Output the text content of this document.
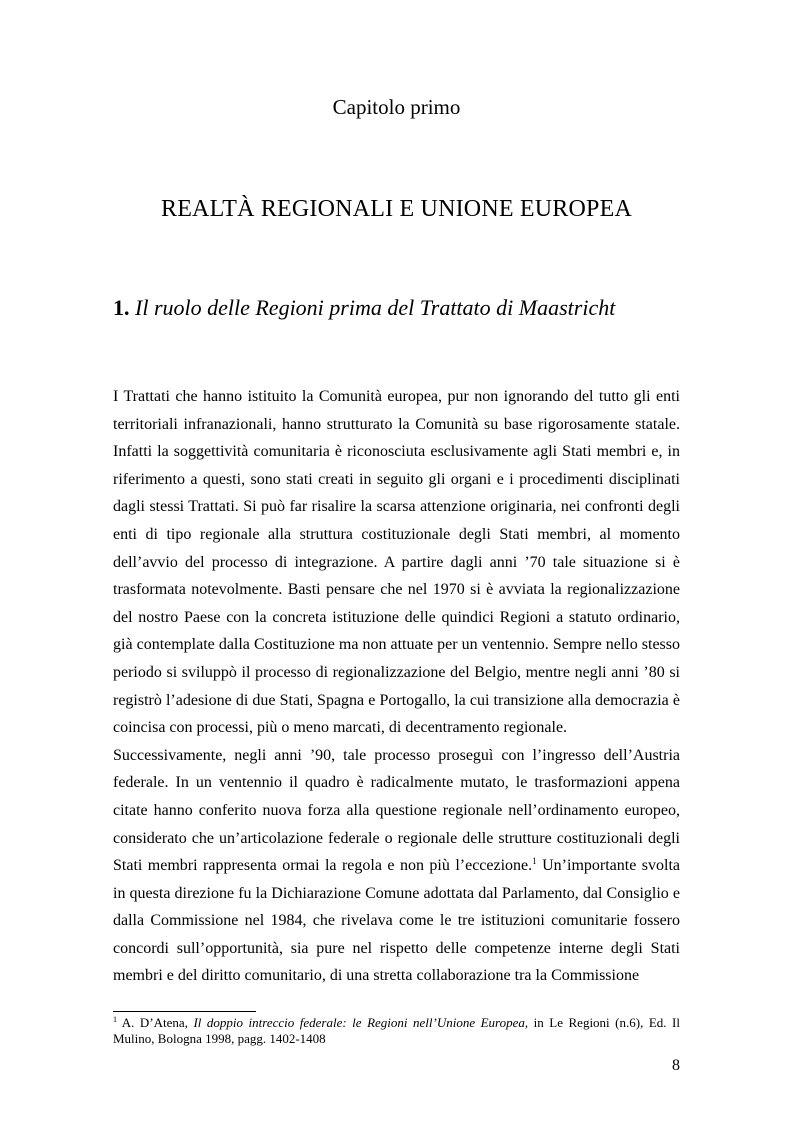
Capitolo primo
REALTÀ REGIONALI E UNIONE EUROPEA
1. Il ruolo delle Regioni prima del Trattato di Maastricht

I Trattati che hanno istituito la Comunità europea, pur non ignorando del tutto gli enti territoriali infranazionali, hanno strutturato la Comunità su base rigorosamente statale. Infatti la soggettività comunitaria è riconosciuta esclusivamente agli Stati membri e, in riferimento a questi, sono stati creati in seguito gli organi e i procedimenti disciplinati dagli stessi Trattati. Si può far risalire la scarsa attenzione originaria, nei confronti degli enti di tipo regionale alla struttura costituzionale degli Stati membri, al momento dell’avvio del processo di integrazione. A partire dagli anni ’70 tale situazione si è trasformata notevolmente. Basti pensare che nel 1970 si è avviata la regionalizzazione del nostro Paese con la concreta istituzione delle quindici Regioni a statuto ordinario, già contemplate dalla Costituzione ma non attuate per un ventennio. Sempre nello stesso periodo si sviluppò il processo di regionalizzazione del Belgio, mentre negli anni ’80 si registrò l’adesione di due Stati, Spagna e Portogallo, la cui transizione alla democrazia è coincisa con processi, più o meno marcati, di decentramento regionale.

Successivamente, negli anni ’90, tale processo proseguì con l’ingresso dell’Austria federale. In un ventennio il quadro è radicalmente mutato, le trasformazioni appena citate hanno conferito nuova forza alla questione regionale nell’ordinamento europeo, considerato che un’articolazione federale o regionale delle strutture costituzionali degli Stati membri rappresenta ormai la regola e non più l’eccezione.$^1$ Un’importante svolta in questa direzione fu la Dichiarazione Comune adottata dal Parlamento, dal Consiglio e dalla Commissione nel 1984, che rivelava come le tre istituzioni comunitarie fossero concordi sull’opportunità, sia pure nel rispetto delle competenze interne degli Stati membri e del diritto comunitario, di una stretta collaborazione tra la Commissione

$^1$ A. D’Atena, Il doppio intreccio federale: le Regioni nell’Unione Europea, in Le Regioni (n.6), Ed. Il Mulino, Bologna 1998, pagg. 1402-1408

8
